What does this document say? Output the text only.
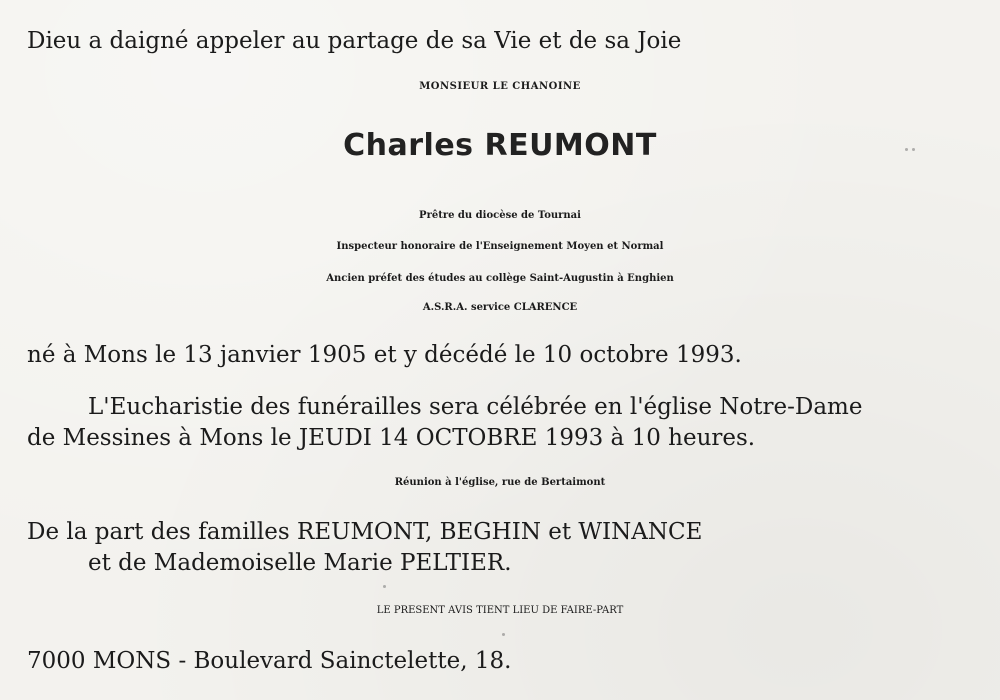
Dieu a daigné appeler au partage de sa Vie et de sa Joie
MONSIEUR LE CHANOINE
Charles REUMONT
Prêtre du diocèse de Tournai
Inspecteur honoraire de l'Enseignement Moyen et Normal
Ancien préfet des études au collège Saint-Augustin à Enghien
A.S.R.A. service CLARENCE
né à Mons le 13 janvier 1905 et y décédé le 10 octobre 1993.
L'Eucharistie des funérailles sera célébrée en l'église Notre-Dame
de Messines à Mons le JEUDI 14 OCTOBRE 1993 à 10 heures.
Réunion à l'église, rue de Bertaimont
De la part des familles REUMONT, BEGHIN et WINANCE
et de Mademoiselle Marie PELTIER.
LE PRESENT AVIS TIENT LIEU DE FAIRE-PART
7000 MONS - Boulevard Sainctelette, 18.
